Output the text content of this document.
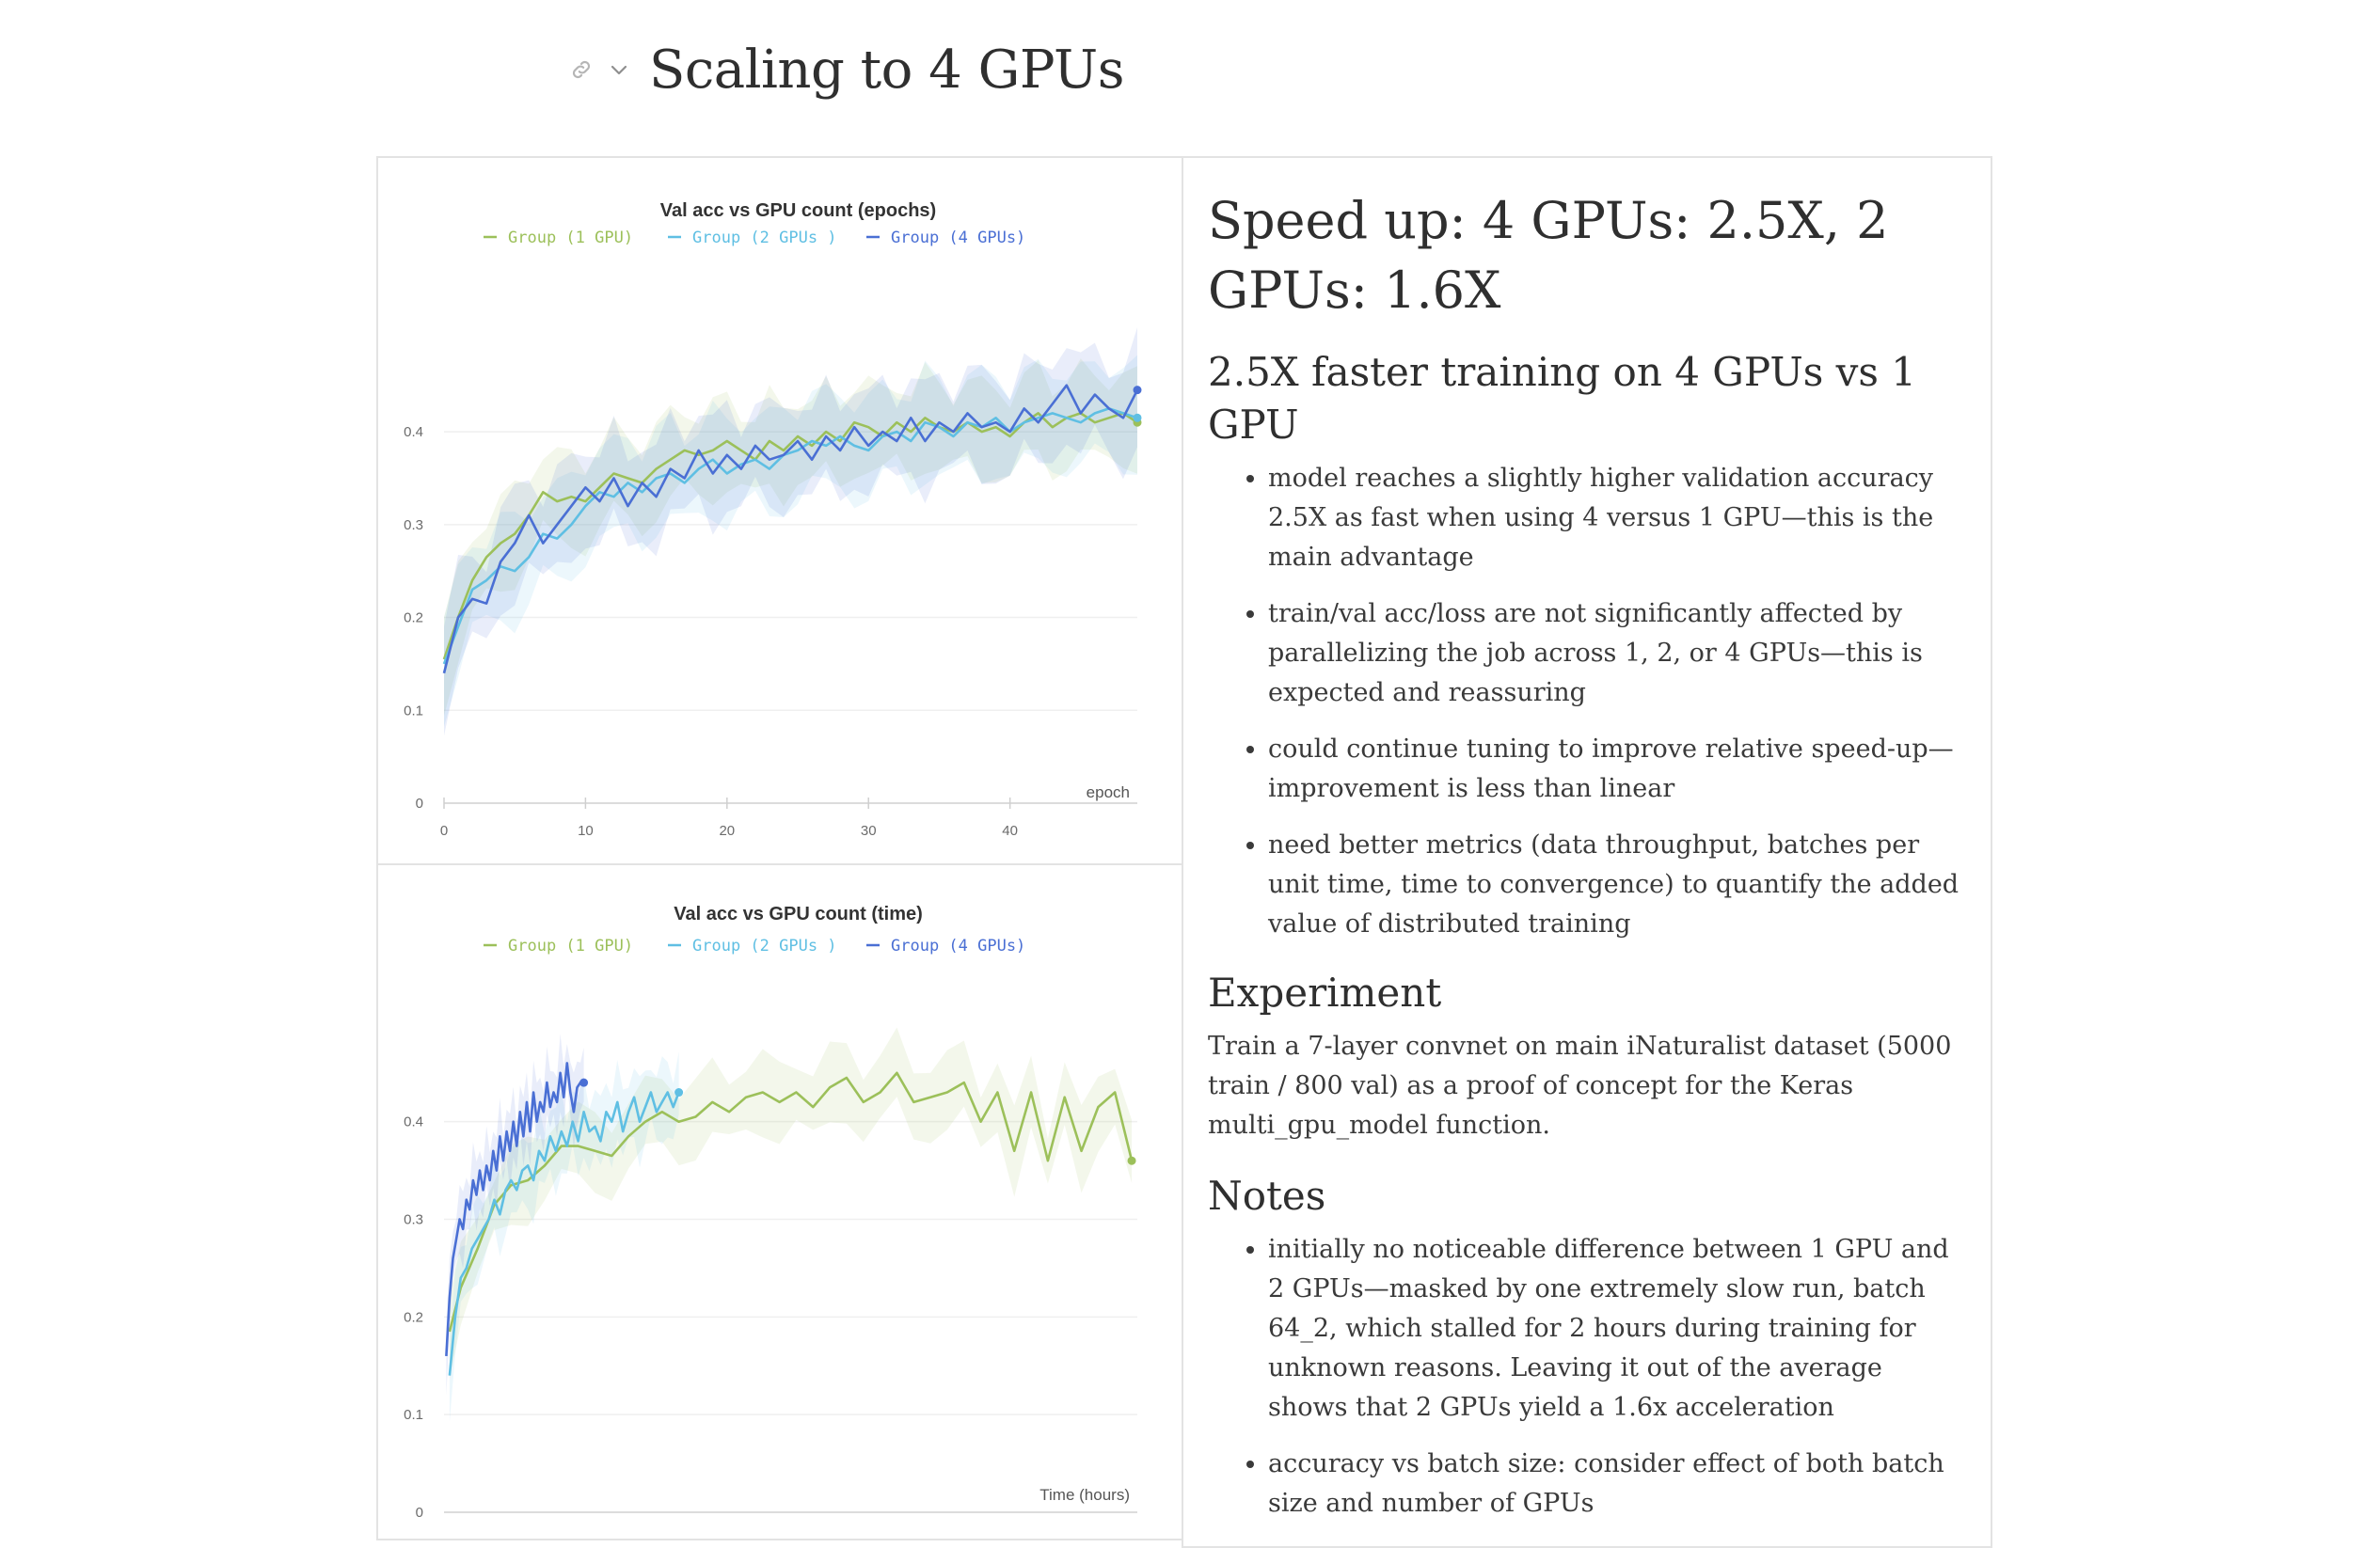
Scaling to 4 GPUs
Val acc vs GPU count (epochs)
Group (1 GPU)	Group (2 GPUs )	Group (4 GPUs)
0
0.1
0.2
0.3
0.4
0	10	20	30	40
epoch
Val acc vs GPU count (time)
Group (1 GPU)	Group (2 GPUs )	Group (4 GPUs)
0
0.1
0.2
0.3
0.4
Time (hours)
Speed up: 4 GPUs: 2.5X, 2 GPUs: 1.6X
2.5X faster training on 4 GPUs vs 1 GPU
• model reaches a slightly higher validation accuracy 2.5X as fast when using 4 versus 1 GPU—this is the main advantage
• train/val acc/loss are not significantly affected by parallelizing the job across 1, 2, or 4 GPUs—this is expected and reassuring
• could continue tuning to improve relative speed-up—improvement is less than linear
• need better metrics (data throughput, batches per unit time, time to convergence) to quantify the added value of distributed training
Experiment

Train a 7-layer convnet on main iNaturalist dataset (5000 train / 800 val) as a proof of concept for the Keras multi_gpu_model function.

Notes
• initially no noticeable difference between 1 GPU and 2 GPUs—masked by one extremely slow run, batch 64_2, which stalled for 2 hours during training for unknown reasons. Leaving it out of the average shows that 2 GPUs yield a 1.6x acceleration
• accuracy vs batch size: consider effect of both batch size and number of GPUs
